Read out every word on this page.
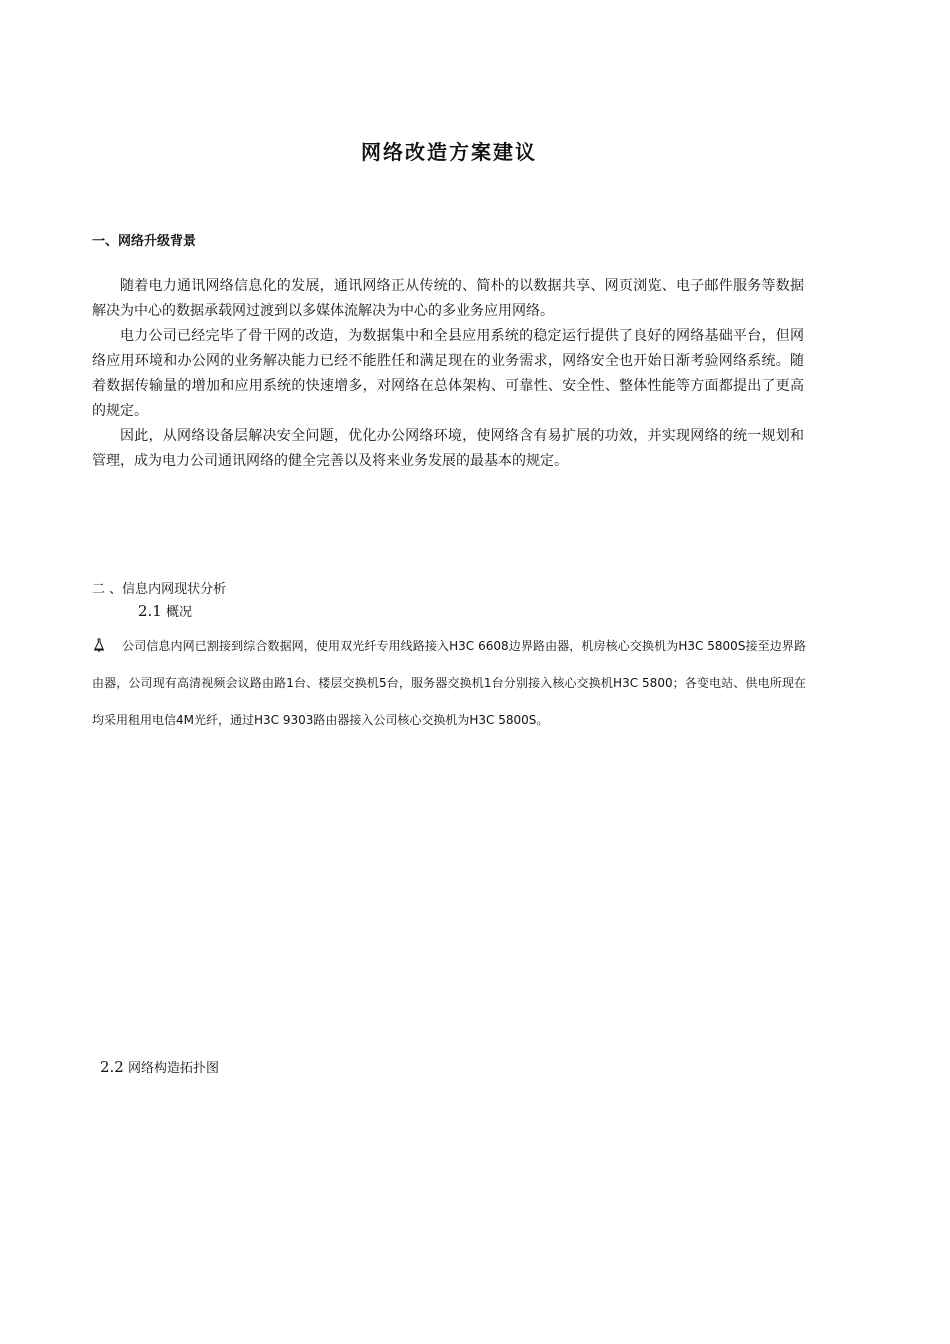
网络改造方案建议
一、网络升级背景

随着电力通讯网络信息化的发展，通讯网络正从传统的、简朴的以数据共享、网页浏览、电子邮件服务等数据解决为中心的数据承载网过渡到以多媒体流解决为中心的多业务应用网络。

电力公司已经完毕了骨干网的改造，为数据集中和全县应用系统的稳定运行提供了良好的网络基础平台，但网络应用环境和办公网的业务解决能力已经不能胜任和满足现在的业务需求，网络安全也开始日渐考验网络系统。随着数据传输量的增加和应用系统的快速增多，对网络在总体架构、可靠性、安全性、整体性能等方面都提出了更高的规定。

因此，从网络设备层解决安全问题，优化办公网络环境，使网络含有易扩展的功效，并实现网络的统一规划和管理，成为电力公司通讯网络的健全完善以及将来业务发展的最基本的规定。

二 、信息内网现状分析
2.1 概况

公司信息内网已割接到综合数据网，使用双光纤专用线路接入H3C 6608边界路由器，机房核心交换机为H3C 5800S接至边界路由器，公司现有高清视频会议路由路1台、楼层交换机5台，服务器交换机1台分别接入核心交换机H3C 5800；各变电站、供电所现在均采用租用电信4M光纤，通过H3C 9303路由器接入公司核心交换机为H3C 5800S。

2.2 网络构造拓扑图
